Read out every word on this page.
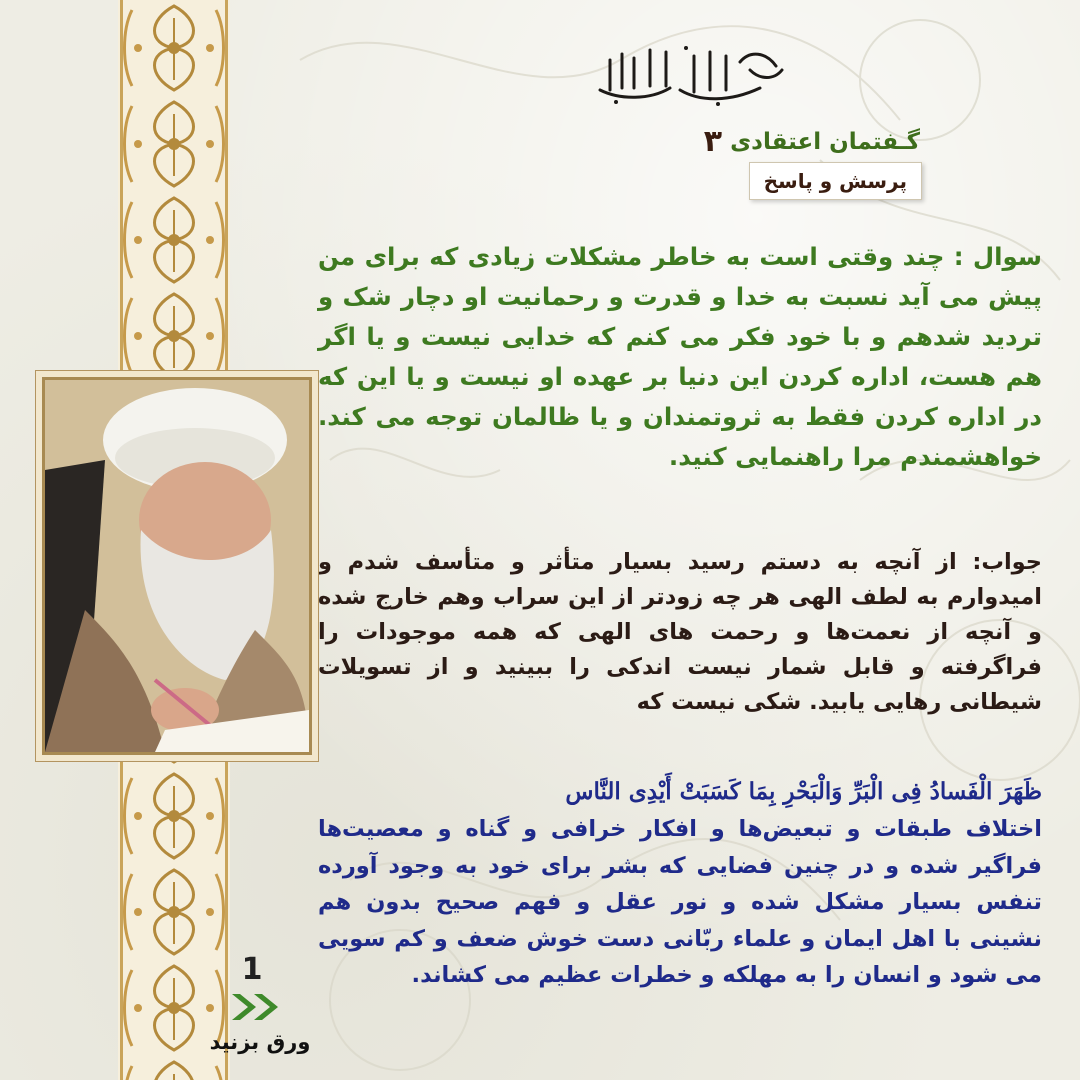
گـفتمان اعتقادی
۳
پرسش و پاسخ
سوال : چند وقتی است به خاطر مشکلات زیادی که برای من پیش می آید نسبت به خدا و قدرت و رحمانیت او دچار شک و تردید شدهم و با خود فکر می کنم که خدایی نیست و یا اگر هم هست، اداره کردن این دنیا بر عهده او نیست و یا این که در اداره کردن فقط به ثروتمندان و یا ظالمان توجه می کند. خواهشمندم مرا راهنمایی کنید.
جواب: از آنچه به دستم رسید بسیار متأثر و متأسف شدم و امیدوارم به لطف الهی هر چه زودتر از این سراب وهم خارج شده و آنچه از نعمت‌ها و رحمت های الهی که همه موجودات را فراگرفته و قابل شمار نیست اندکی را ببینید و از تسویلات شیطانی رهایی یابید. شکی نیست که
ظَهَرَ الْفَسادُ فِی الْبَرِّ وَالْبَحْرِ بِمَا كَسَبَتْ أَيْدِی النَّاس
اختلاف طبقات و تبعیض‌ها و افکار خرافی و گناه و معصیت‌ها فراگیر شده و در چنین فضایی که بشر برای خود به وجود آورده تنفس بسیار مشکل شده و نور عقل و فهم صحیح بدون هم نشینی با اهل ایمان و علماء ربّانی دست خوش ضعف و کم سویی می شود و انسان را به مهلکه و خطرات عظیم می کشاند.
1
ورق بزنید
